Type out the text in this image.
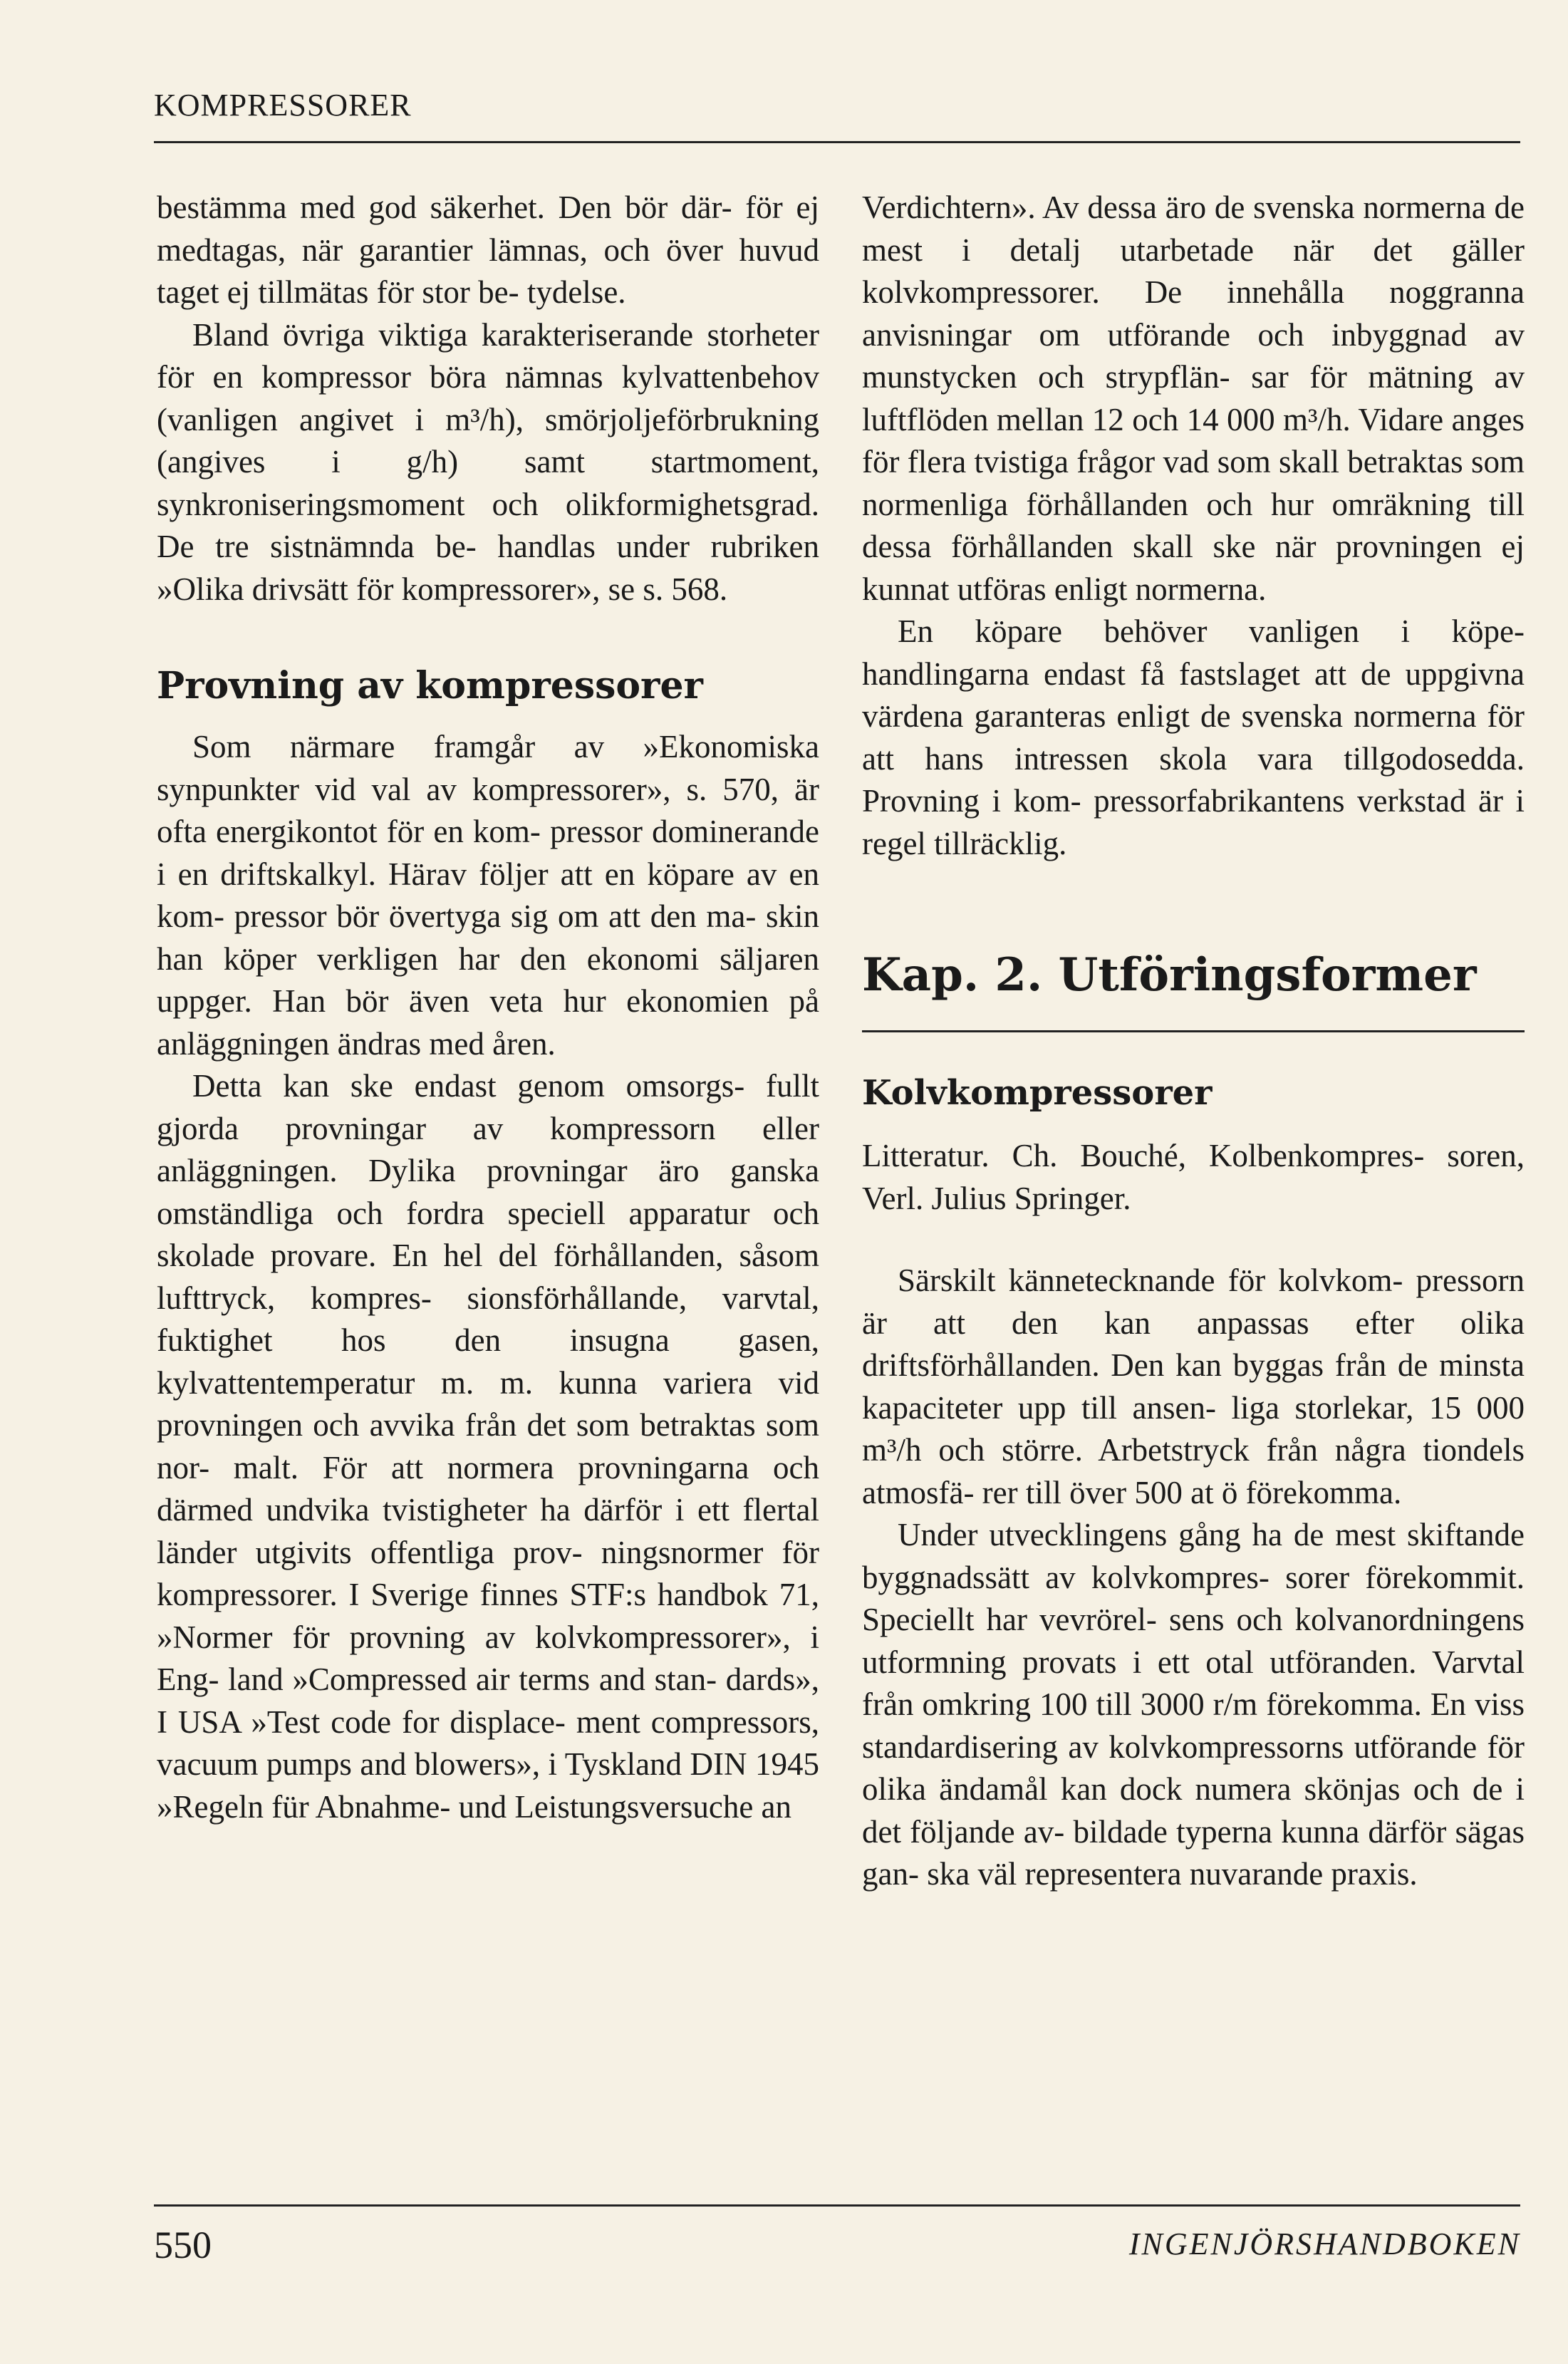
KOMPRESSORER

bestämma med god säkerhet. Den bör där- för ej medtagas, när garantier lämnas, och över huvud taget ej tillmätas för stor be- tydelse.

Bland övriga viktiga karakteriserande storheter för en kompressor böra nämnas kylvattenbehov (vanligen angivet i m³/h), smörjoljeförbrukning (angives i g/h) samt startmoment, synkroniseringsmoment och olikformighetsgrad. De tre sistnämnda be- handlas under rubriken »Olika drivsätt för kompressorer», se s. 568.

Provning av kompressorer

Som närmare framgår av »Ekonomiska synpunkter vid val av kompressorer», s. 570, är ofta energikontot för en kom- pressor dominerande i en driftskalkyl. Härav följer att en köpare av en kom- pressor bör övertyga sig om att den ma- skin han köper verkligen har den ekonomi säljaren uppger. Han bör även veta hur ekonomien på anläggningen ändras med åren.

Detta kan ske endast genom omsorgs- fullt gjorda provningar av kompressorn eller anläggningen. Dylika provningar äro ganska omständliga och fordra speciell apparatur och skolade provare. En hel del förhållanden, såsom lufttryck, kompres- sionsförhållande, varvtal, fuktighet hos den insugna gasen, kylvattentemperatur m. m. kunna variera vid provningen och avvika från det som betraktas som nor- malt. För att normera provningarna och därmed undvika tvistigheter ha därför i ett flertal länder utgivits offentliga prov- ningsnormer för kompressorer. I Sverige finnes STF:s handbok 71, »Normer för provning av kolvkompressorer», i Eng- land »Compressed air terms and stan- dards», I USA »Test code for displace- ment compressors, vacuum pumps and blowers», i Tyskland DIN 1945 »Regeln für Abnahme- und Leistungsversuche an

Verdichtern». Av dessa äro de svenska normerna de mest i detalj utarbetade när det gäller kolvkompressorer. De innehålla noggranna anvisningar om utförande och inbyggnad av munstycken och strypflän- sar för mätning av luftflöden mellan 12 och 14 000 m³/h. Vidare anges för flera tvistiga frågor vad som skall betraktas som normenliga förhållanden och hur omräkning till dessa förhållanden skall ske när provningen ej kunnat utföras enligt normerna.

En köpare behöver vanligen i köpe- handlingarna endast få fastslaget att de uppgivna värdena garanteras enligt de svenska normerna för att hans intressen skola vara tillgodosedda. Provning i kom- pressorfabrikantens verkstad är i regel tillräcklig.

Kap. 2. Utföringsformer
Kolvkompressorer

Litteratur. Ch. Bouché, Kolbenkompres- soren, Verl. Julius Springer.

Särskilt kännetecknande för kolvkom- pressorn är att den kan anpassas efter olika driftsförhållanden. Den kan byggas från de minsta kapaciteter upp till ansen- liga storlekar, 15 000 m³/h och större. Arbetstryck från några tiondels atmosfä- rer till över 500 at ö förekomma.

Under utvecklingens gång ha de mest skiftande byggnadssätt av kolvkompres- sorer förekommit. Speciellt har vevrörel- sens och kolvanordningens utformning provats i ett otal utföranden. Varvtal från omkring 100 till 3000 r/m förekomma. En viss standardisering av kolvkompressorns utförande för olika ändamål kan dock numera skönjas och de i det följande av- bildade typerna kunna därför sägas gan- ska väl representera nuvarande praxis.

550	INGENJÖRSHANDBOKEN
